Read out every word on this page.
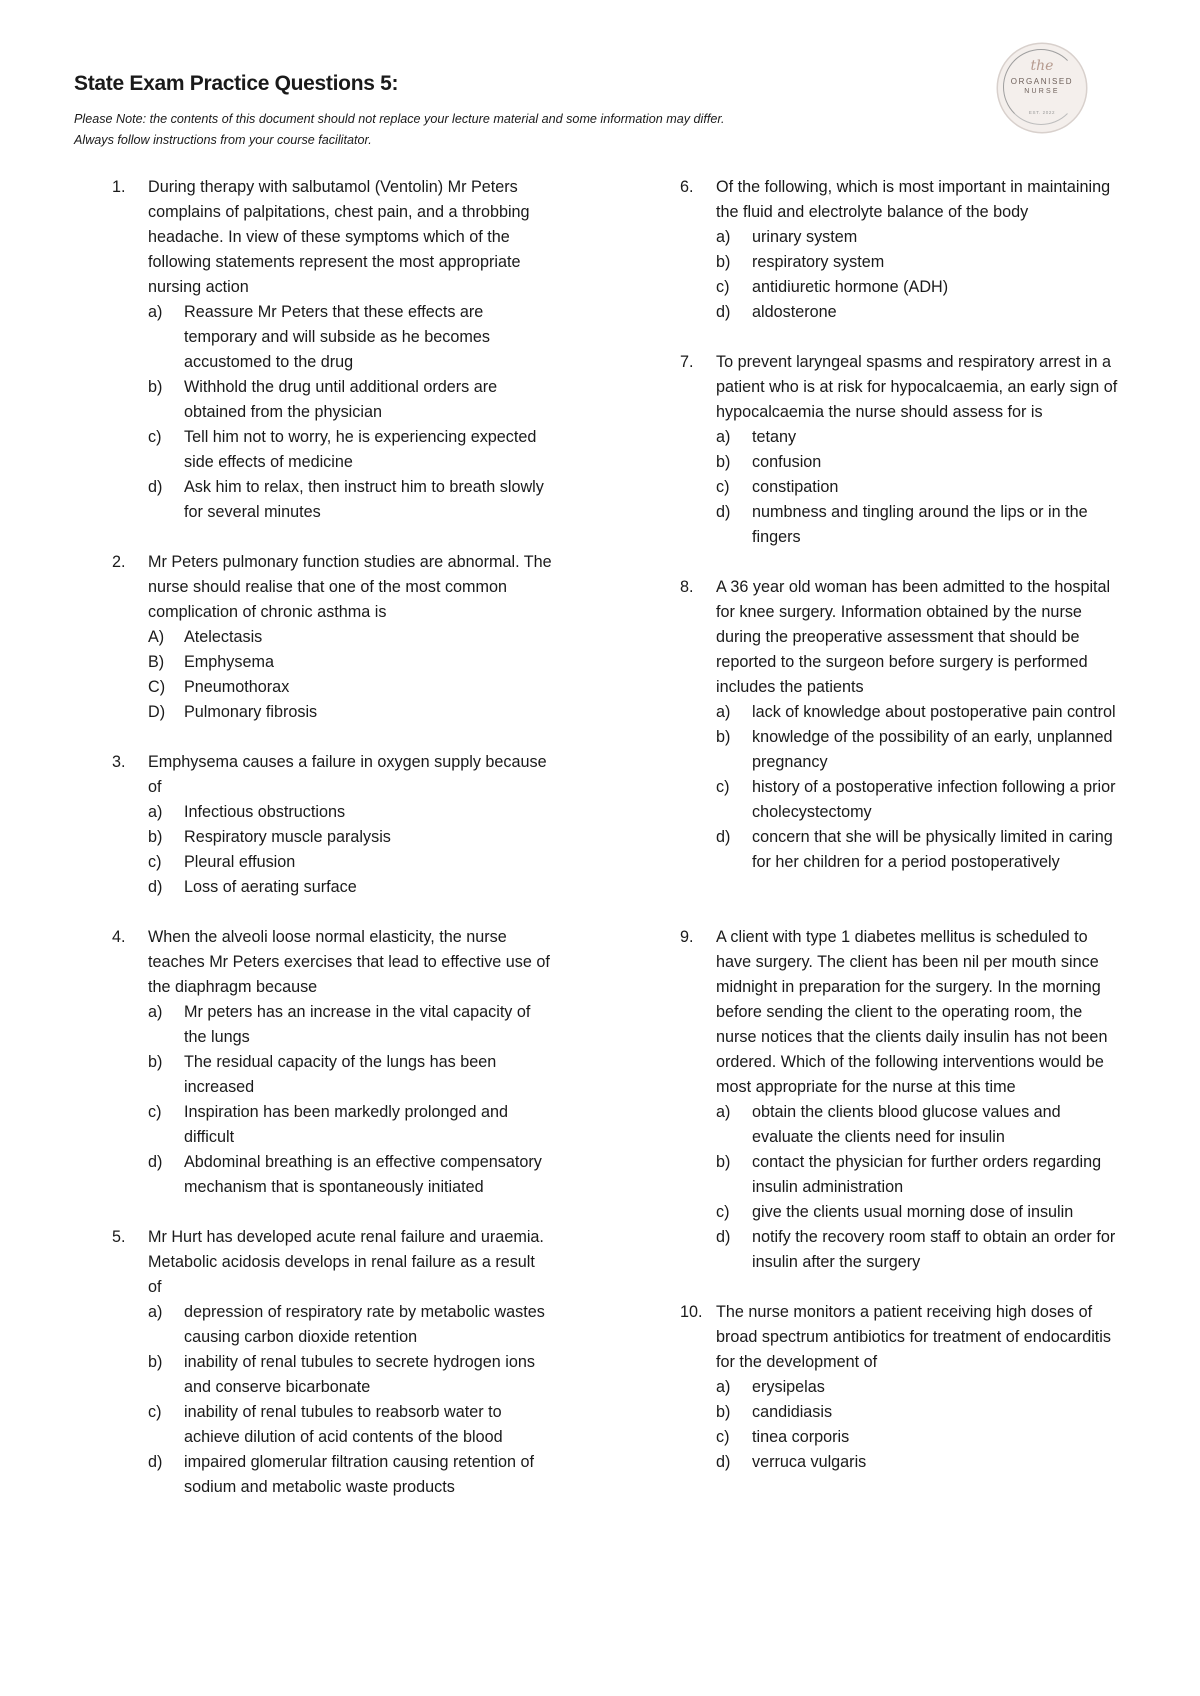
State Exam Practice Questions 5:
Please Note: the contents of this document should not replace your lecture material and some information may differ.
Always follow instructions from your course facilitator.
the
ORGANISED
NURSE
EST. 2022
1. During therapy with salbutamol (Ventolin) Mr Peters complains of palpitations, chest pain, and a throbbing headache. In view of these symptoms which of the following statements represent the most appropriate nursing action
a) Reassure Mr Peters that these effects are temporary and will subside as he becomes accustomed to the drug
b) Withhold the drug until additional orders are obtained from the physician
c) Tell him not to worry, he is experiencing expected side effects of medicine
d) Ask him to relax, then instruct him to breath slowly for several minutes
2. Mr Peters pulmonary function studies are abnormal. The nurse should realise that one of the most common complication of chronic asthma is
A) Atelectasis
B) Emphysema
C) Pneumothorax
D) Pulmonary fibrosis
3. Emphysema causes a failure in oxygen supply because of
a) Infectious obstructions
b) Respiratory muscle paralysis
c) Pleural effusion
d) Loss of aerating surface
4. When the alveoli loose normal elasticity, the nurse teaches Mr Peters exercises that lead to effective use of the diaphragm because
a) Mr peters has an increase in the vital capacity of the lungs
b) The residual capacity of the lungs has been increased
c) Inspiration has been markedly prolonged and difficult
d) Abdominal breathing is an effective compensatory mechanism that is spontaneously initiated
5. Mr Hurt has developed acute renal failure and uraemia. Metabolic acidosis develops in renal failure as a result of
a) depression of respiratory rate by metabolic wastes causing carbon dioxide retention
b) inability of renal tubules to secrete hydrogen ions and conserve bicarbonate
c) inability of renal tubules to reabsorb water to achieve dilution of acid contents of the blood
d) impaired glomerular filtration causing retention of sodium and metabolic waste products
6. Of the following, which is most important in maintaining the fluid and electrolyte balance of the body
a) urinary system
b) respiratory system
c) antidiuretic hormone (ADH)
d) aldosterone
7. To prevent laryngeal spasms and respiratory arrest in a patient who is at risk for hypocalcaemia, an early sign of hypocalcaemia the nurse should assess for is
a) tetany
b) confusion
c) constipation
d) numbness and tingling around the lips or in the fingers
8. A 36 year old woman has been admitted to the hospital for knee surgery. Information obtained by the nurse during the preoperative assessment that should be reported to the surgeon before surgery is performed includes the patients
a) lack of knowledge about postoperative pain control
b) knowledge of the possibility of an early, unplanned pregnancy
c) history of a postoperative infection following a prior cholecystectomy
d) concern that she will be physically limited in caring for her children for a period postoperatively
9. A client with type 1 diabetes mellitus is scheduled to have surgery. The client has been nil per mouth since midnight in preparation for the surgery. In the morning before sending the client to the operating room, the nurse notices that the clients daily insulin has not been ordered. Which of the following interventions would be most appropriate for the nurse at this time
a) obtain the clients blood glucose values and evaluate the clients need for insulin
b) contact the physician for further orders regarding insulin administration
c) give the clients usual morning dose of insulin
d) notify the recovery room staff to obtain an order for insulin after the surgery
10. The nurse monitors a patient receiving high doses of broad spectrum antibiotics for treatment of endocarditis for the development of
a) erysipelas
b) candidiasis
c) tinea corporis
d) verruca vulgaris
